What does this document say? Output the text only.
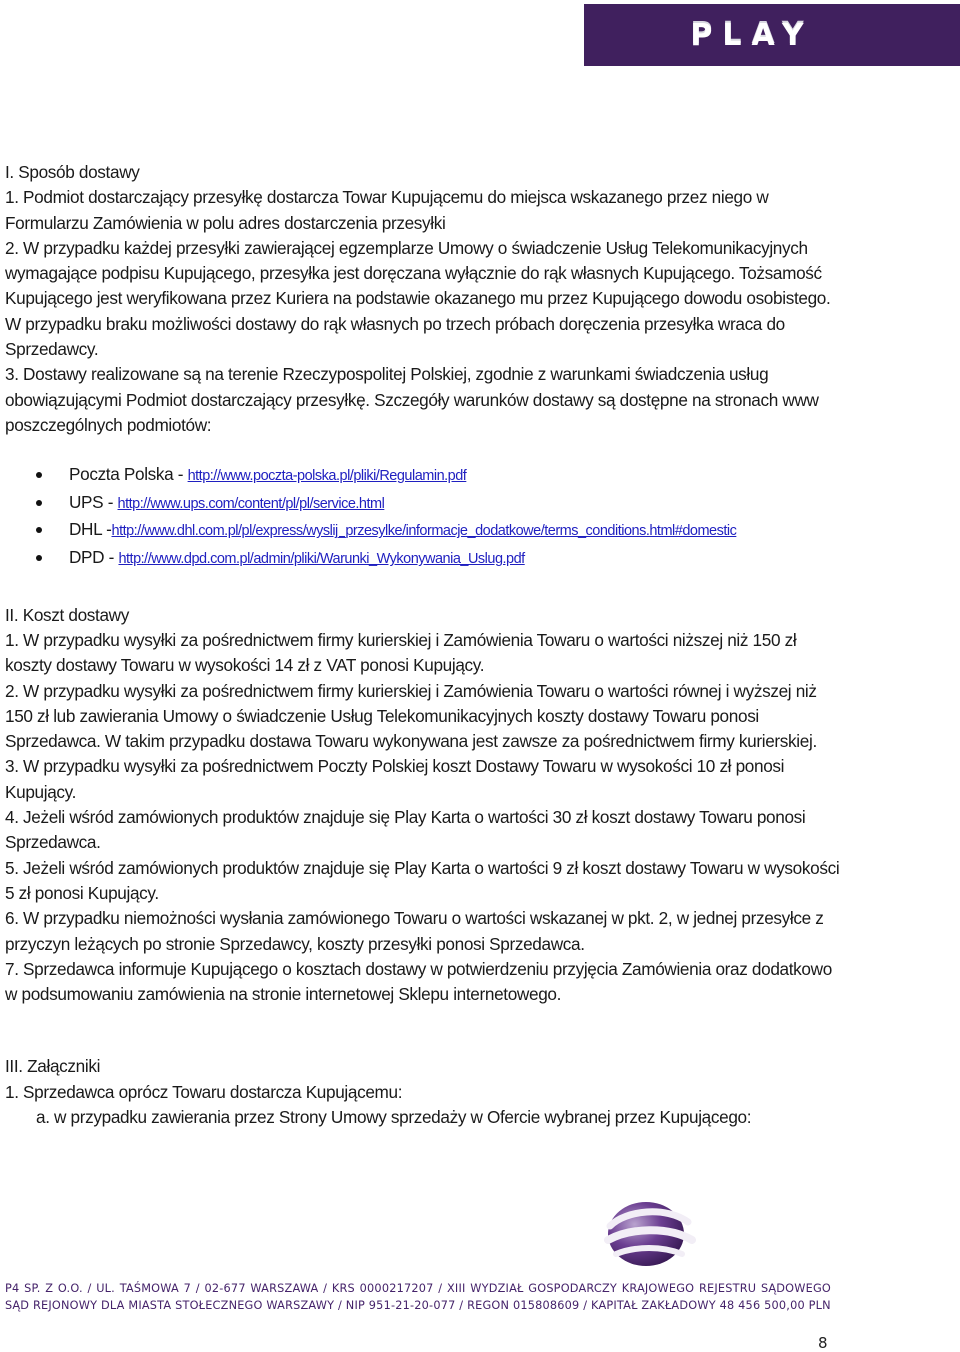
PLAY

I. Sposób dostawy

1. Podmiot dostarczający przesyłkę dostarcza Towar Kupującemu do miejsca wskazanego przez niego w Formularzu Zamówienia w polu adres dostarczenia przesyłki

2. W przypadku każdej przesyłki zawierającej egzemplarze Umowy o świadczenie Usług Telekomunikacyjnych wymagające podpisu Kupującego, przesyłka jest doręczana wyłącznie do rąk własnych Kupującego. Tożsamość Kupującego jest weryfikowana przez Kuriera na podstawie okazanego mu przez Kupującego dowodu osobistego. W przypadku braku możliwości dostawy do rąk własnych po trzech próbach doręczenia przesyłka wraca do Sprzedawcy.

3. Dostawy realizowane są na terenie Rzeczypospolitej Polskiej, zgodnie z warunkami świadczenia usług obowiązującymi Podmiot dostarczający przesyłkę. Szczegóły warunków dostawy są dostępne na stronach www poszczególnych podmiotów:

Poczta Polska - http://www.poczta-polska.pl/pliki/Regulamin.pdf
UPS - http://www.ups.com/content/pl/pl/service.html
DHL -http://www.dhl.com.pl/pl/express/wyslij_przesylke/informacje_dodatkowe/terms_conditions.html#domestic
DPD - http://www.dpd.com.pl/admin/pliki/Warunki_Wykonywania_Uslug.pdf

II. Koszt dostawy

1. W przypadku wysyłki za pośrednictwem firmy kurierskiej i Zamówienia Towaru o wartości niższej niż 150 zł koszty dostawy Towaru w wysokości 14 zł z VAT ponosi Kupujący.

2. W przypadku wysyłki za pośrednictwem firmy kurierskiej i Zamówienia Towaru o wartości równej i wyższej niż 150 zł lub zawierania Umowy o świadczenie Usług Telekomunikacyjnych koszty dostawy Towaru ponosi Sprzedawca. W takim przypadku dostawa Towaru wykonywana jest zawsze za pośrednictwem firmy kurierskiej.

3. W przypadku wysyłki za pośrednictwem Poczty Polskiej koszt Dostawy Towaru w wysokości 10 zł ponosi Kupujący.

4. Jeżeli wśród zamówionych produktów znajduje się Play Karta o wartości 30 zł koszt dostawy Towaru ponosi Sprzedawca.

5. Jeżeli wśród zamówionych produktów znajduje się Play Karta o wartości 9 zł koszt dostawy Towaru w wysokości 5 zł ponosi Kupujący.

6. W przypadku niemożności wysłania zamówionego Towaru o wartości wskazanej w pkt. 2, w jednej przesyłce z przyczyn leżących po stronie Sprzedawcy, koszty przesyłki ponosi Sprzedawca.

7. Sprzedawca informuje Kupującego o kosztach dostawy w potwierdzeniu przyjęcia Zamówienia oraz dodatkowo w podsumowaniu zamówienia na stronie internetowej Sklepu internetowego.

III. Załączniki

1. Sprzedawca oprócz Towaru dostarcza Kupującemu:

a. w przypadku zawierania przez Strony Umowy sprzedaży w Ofercie wybranej przez Kupującego:

P4 SP. Z O.O. / UL. TAŚMOWA 7 / 02-677 WARSZAWA / KRS 0000217207 / XIII WYDZIAŁ GOSPODARCZY KRAJOWEGO REJESTRU SĄDOWEGO SĄD REJONOWY DLA MIASTA STOŁECZNEGO WARSZAWY / NIP 951-21-20-077 / REGON 015808609 / KAPITAŁ ZAKŁADOWY 48 456 500,00 PLN
8
